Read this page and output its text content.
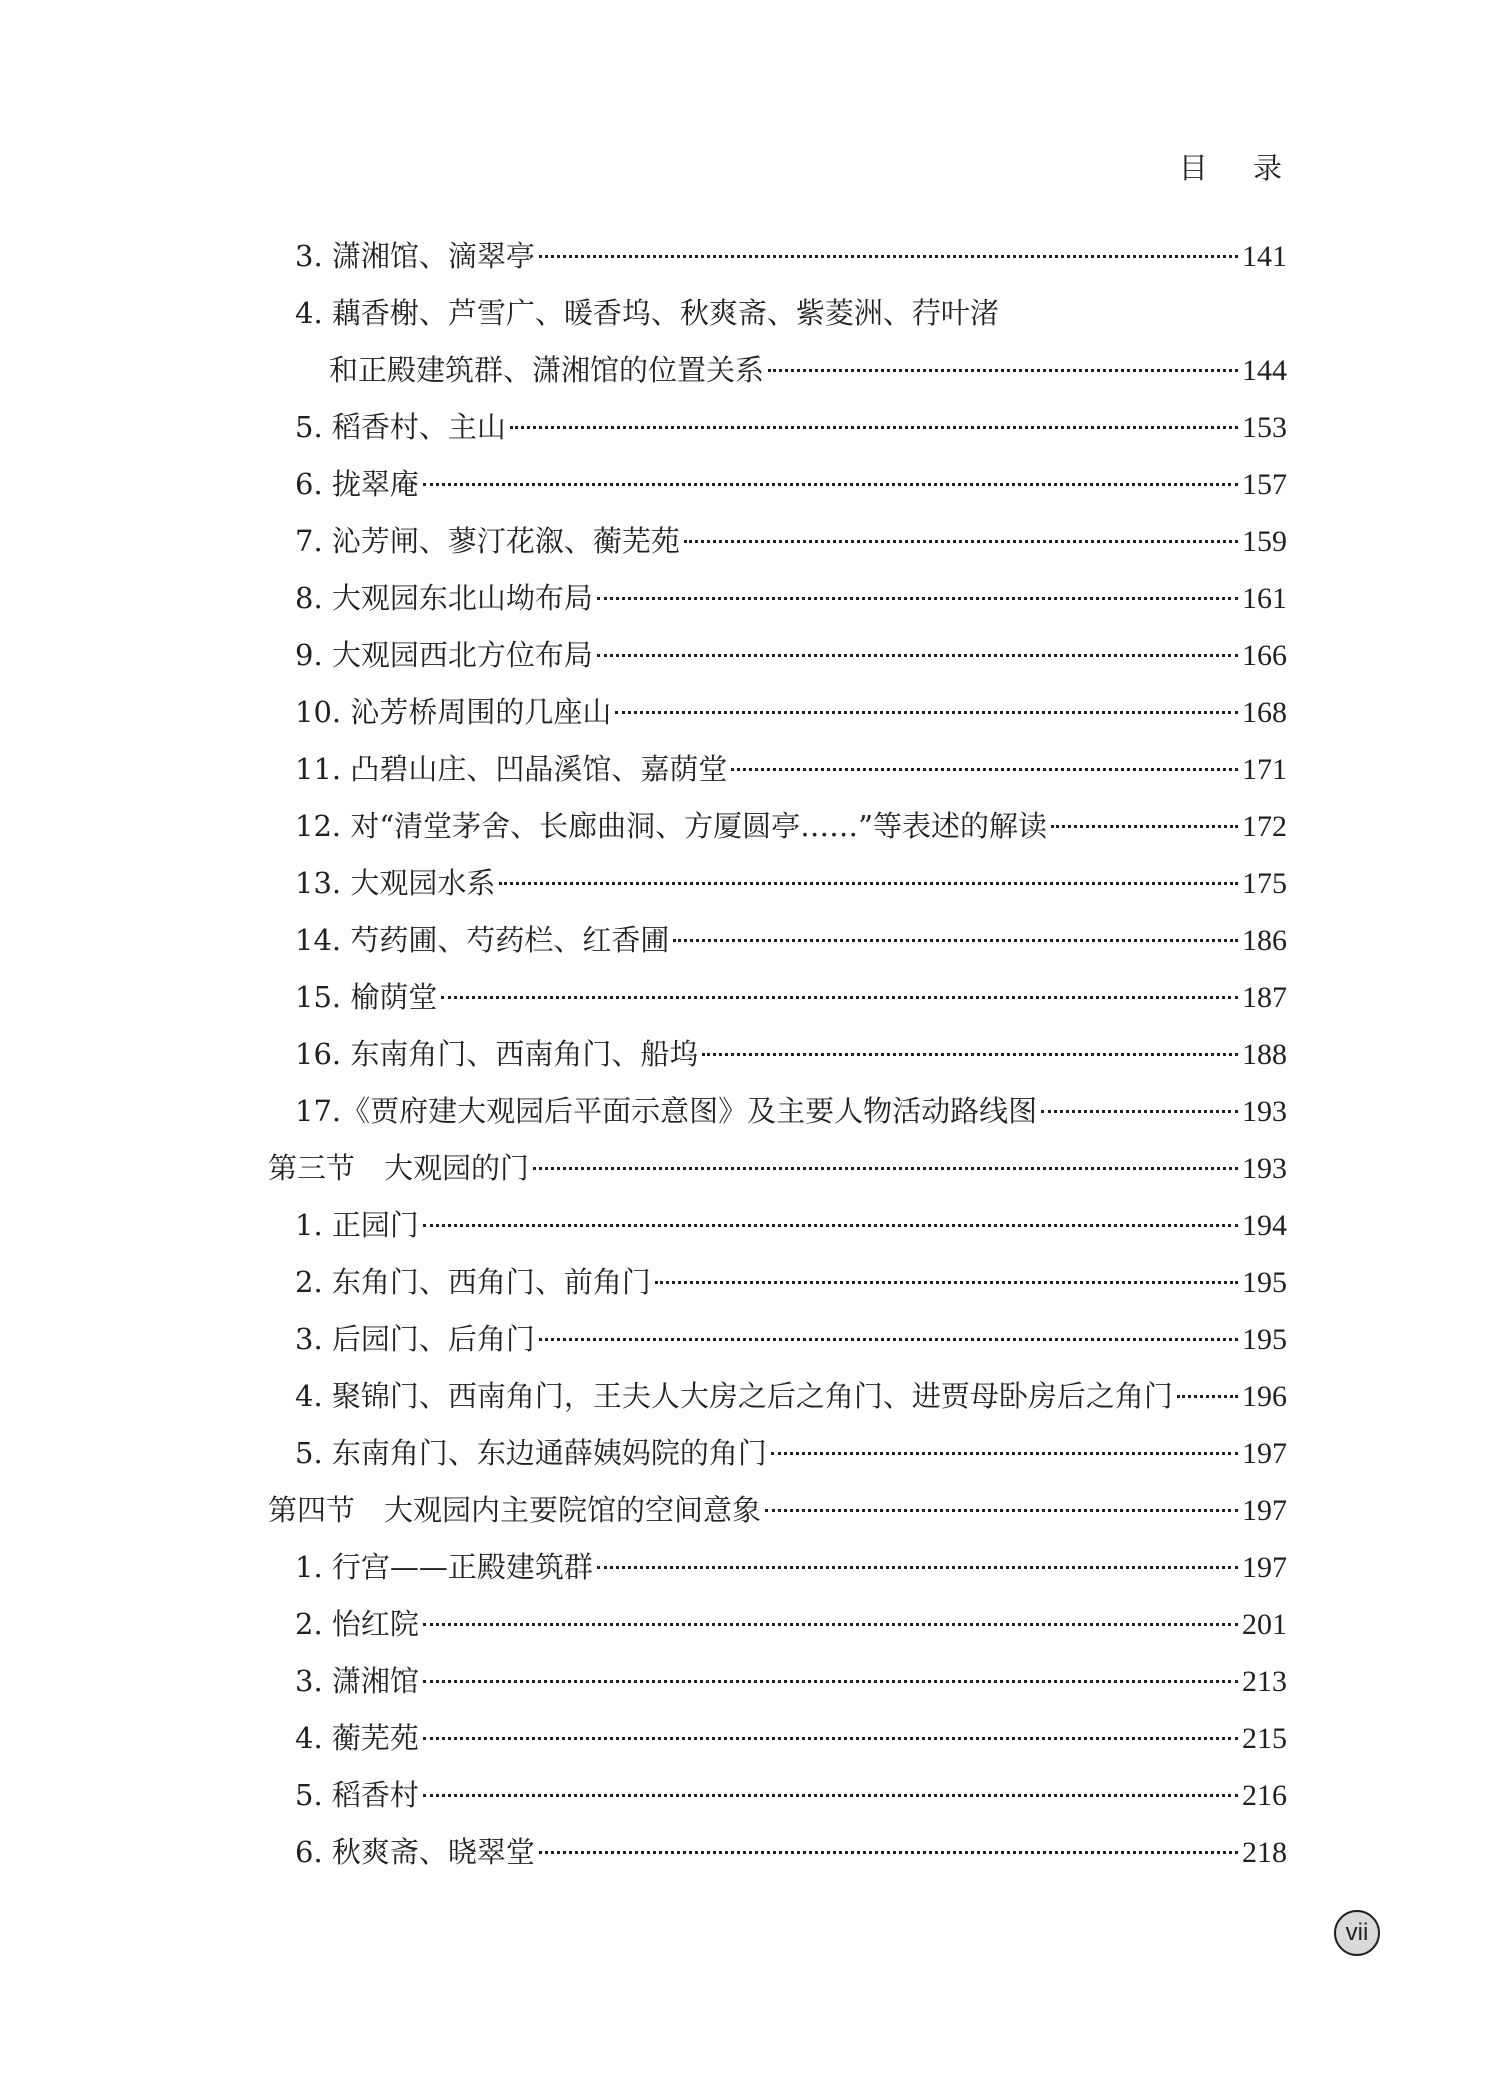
目 录
3. 潇湘馆、滴翠亭	141
4. 藕香榭、芦雪广、暖香坞、秋爽斋、紫菱洲、荇叶渚
和正殿建筑群、潇湘馆的位置关系	144
5. 稻香村、主山	153
6. 拢翠庵	157
7. 沁芳闸、蓼汀花溆、蘅芜苑	159
8. 大观园东北山坳布局	161
9. 大观园西北方位布局	166
10. 沁芳桥周围的几座山	168
11. 凸碧山庄、凹晶溪馆、嘉荫堂	171
12. 对“清堂茅舍、长廊曲洞、方厦圆亭……”等表述的解读	172
13. 大观园水系	175
14. 芍药圃、芍药栏、红香圃	186
15. 榆荫堂	187
16. 东南角门、西南角门、船坞	188
17.《贾府建大观园后平面示意图》及主要人物活动路线图	193
第三节　大观园的门	193
1. 正园门	194
2. 东角门、西角门、前角门	195
3. 后园门、后角门	195
4. 聚锦门、西南角门，王夫人大房之后之角门、进贾母卧房后之角门 196
5. 东南角门、东边通薛姨妈院的角门	197
第四节　大观园内主要院馆的空间意象	197
1. 行宫——正殿建筑群	197
2. 怡红院	201
3. 潇湘馆	213
4. 蘅芜苑	215
5. 稻香村	216
6. 秋爽斋、晓翠堂	218
vii
